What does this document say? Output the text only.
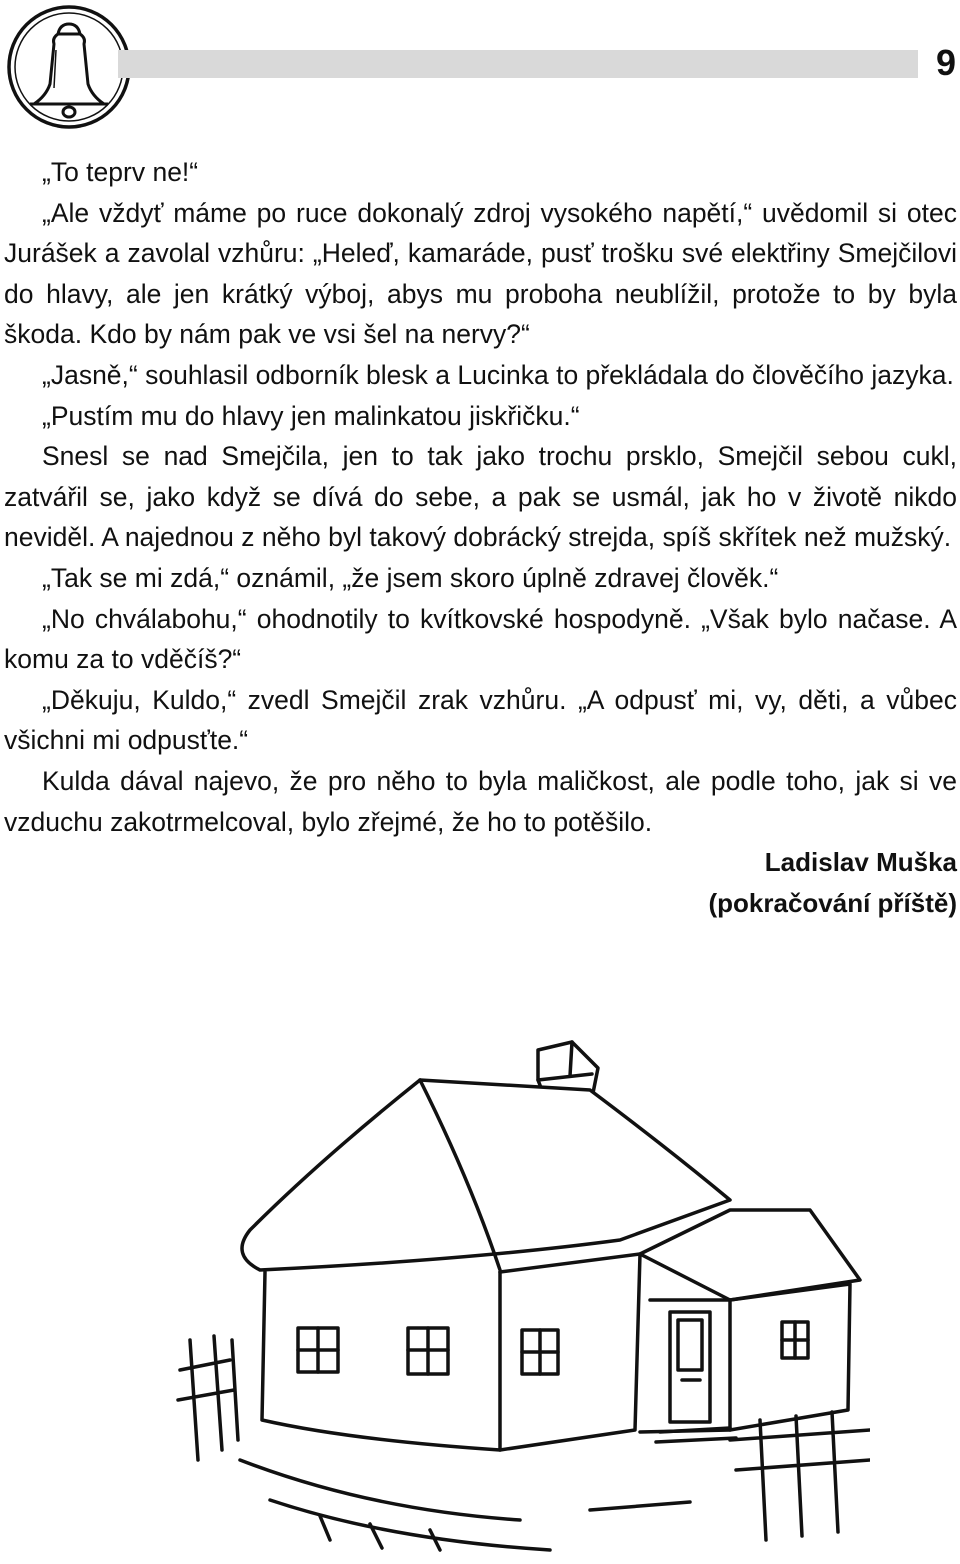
9

„To teprv ne!“

„Ale vždyť máme po ruce dokonalý zdroj vysokého napětí,“ uvědomil si otec Jurášek a zavolal vzhůru: „Heleď, kamaráde, pusť trošku své elektřiny Smejčilovi do hlavy, ale jen krátký výboj, abys mu proboha neublížil, protože to by byla škoda. Kdo by nám pak ve vsi šel na nervy?“

„Jasně,“ souhlasil odborník blesk a Lucinka to překládala do člověčího jazyka.

„Pustím mu do hlavy jen malinkatou jiskřičku.“

Snesl se nad Smejčila, jen to tak jako trochu prsklo, Smejčil sebou cukl, zatvářil se, jako když se dívá do sebe, a pak se usmál, jak ho v životě nikdo neviděl. A najednou z něho byl takový dobrácký strejda, spíš skřítek než mužský.

„Tak se mi zdá,“ oznámil, „že jsem skoro úplně zdravej člověk.“

„No chválabohu,“ ohodnotily to kvítkovské hospodyně. „Však bylo načase. A komu za to vděčíš?“

„Děkuju, Kuldo,“ zvedl Smejčil zrak vzhůru. „A odpusť mi, vy, děti, a vůbec všichni mi odpusťte.“

Kulda dával najevo, že pro něho to byla maličkost, ale podle toho, jak si ve vzduchu zakotrmelcoval, bylo zřejmé, že ho to potěšilo.

Ladislav Muška

(pokračování příště)
